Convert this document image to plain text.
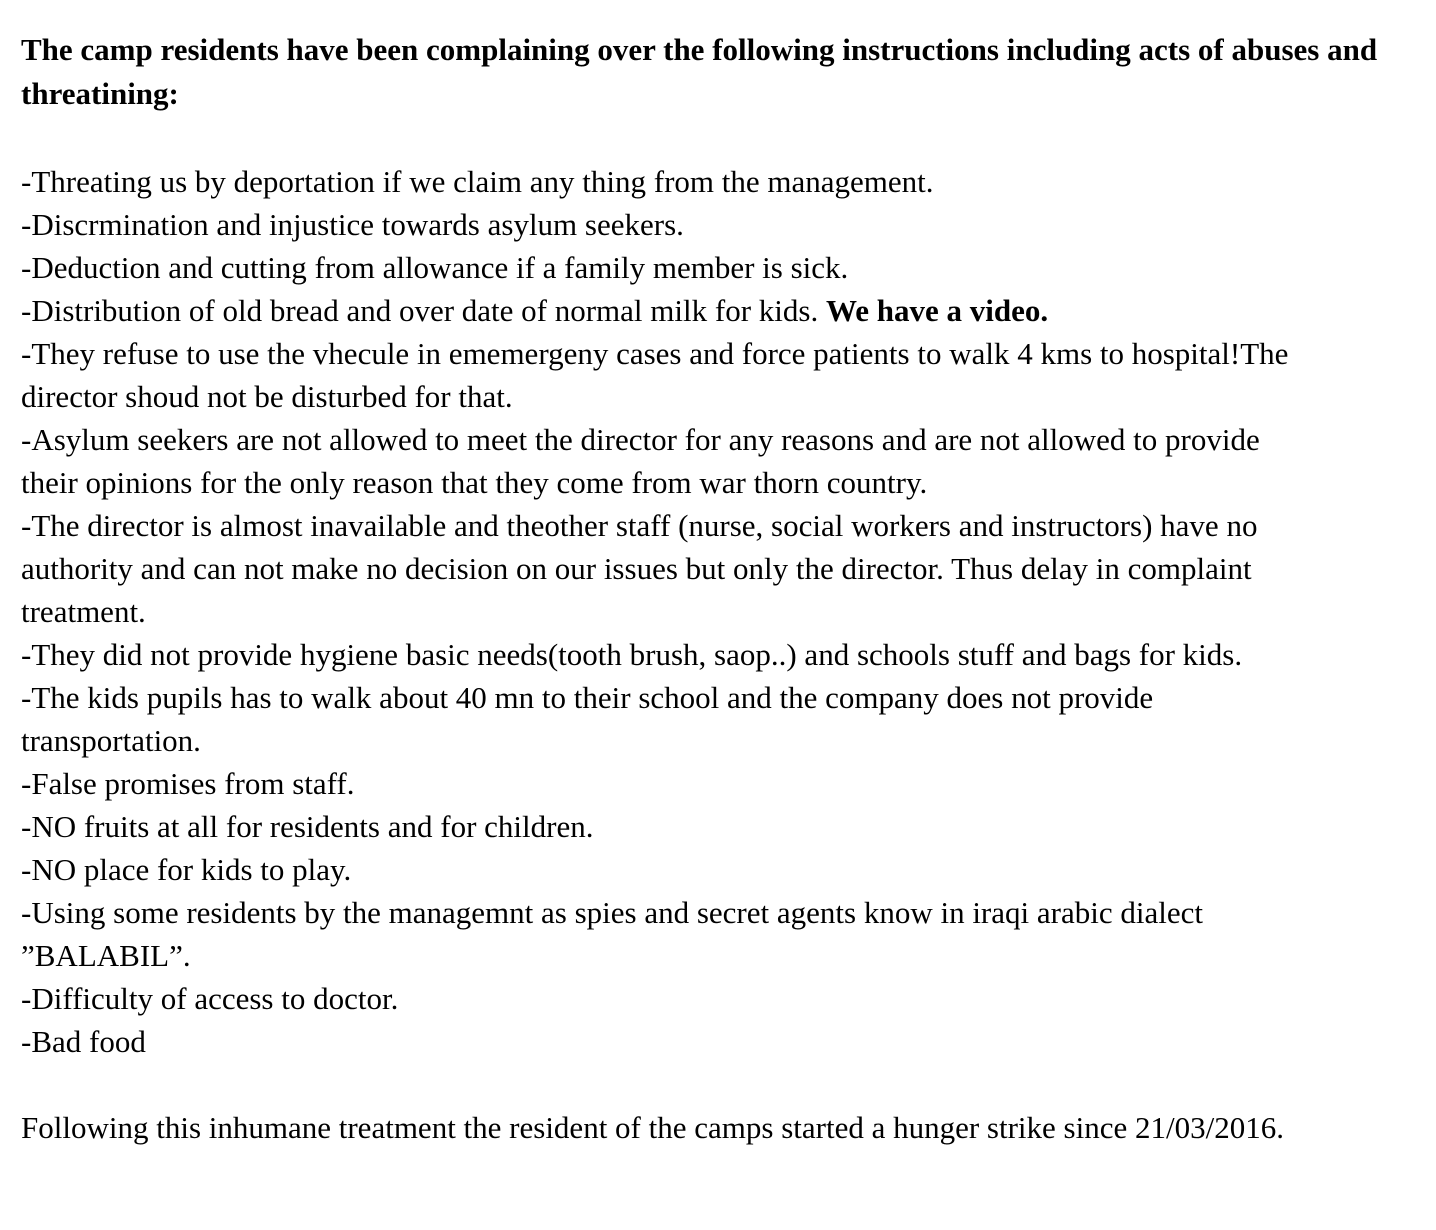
The camp residents have been complaining over the following instructions including acts of abuses and threatining:

-Threating us by deportation if we claim any thing from the management.

-Discrmination and injustice towards asylum seekers.

-Deduction and cutting from allowance if a family member is sick.

-Distribution of old bread and over date of normal milk for kids. We have a video.

-They refuse to use the vhecule in ememergeny cases and force patients to walk 4 kms to hospital!The director shoud not be disturbed for that.

-Asylum seekers are not allowed to meet the director for any reasons and are not allowed to provide their opinions for the only reason that they come from war thorn country.

-The director is almost inavailable and theother staff (nurse, social workers and instructors) have no authority and can not make no decision on our issues but only the director. Thus delay in complaint treatment.

-They did not provide hygiene basic needs(tooth brush, saop..) and schools stuff and bags for kids.

-The kids pupils has to walk about 40 mn to their school and the company does not provide transportation.

-False promises from staff.

-NO fruits at all for residents and for children.

-NO place for kids to play.

-Using some residents by the managemnt as spies and secret agents know in iraqi arabic dialect ”BALABIL”.

-Difficulty of access to doctor.

-Bad food

Following this inhumane treatment the resident of the camps started a hunger strike since 21/03/2016.
